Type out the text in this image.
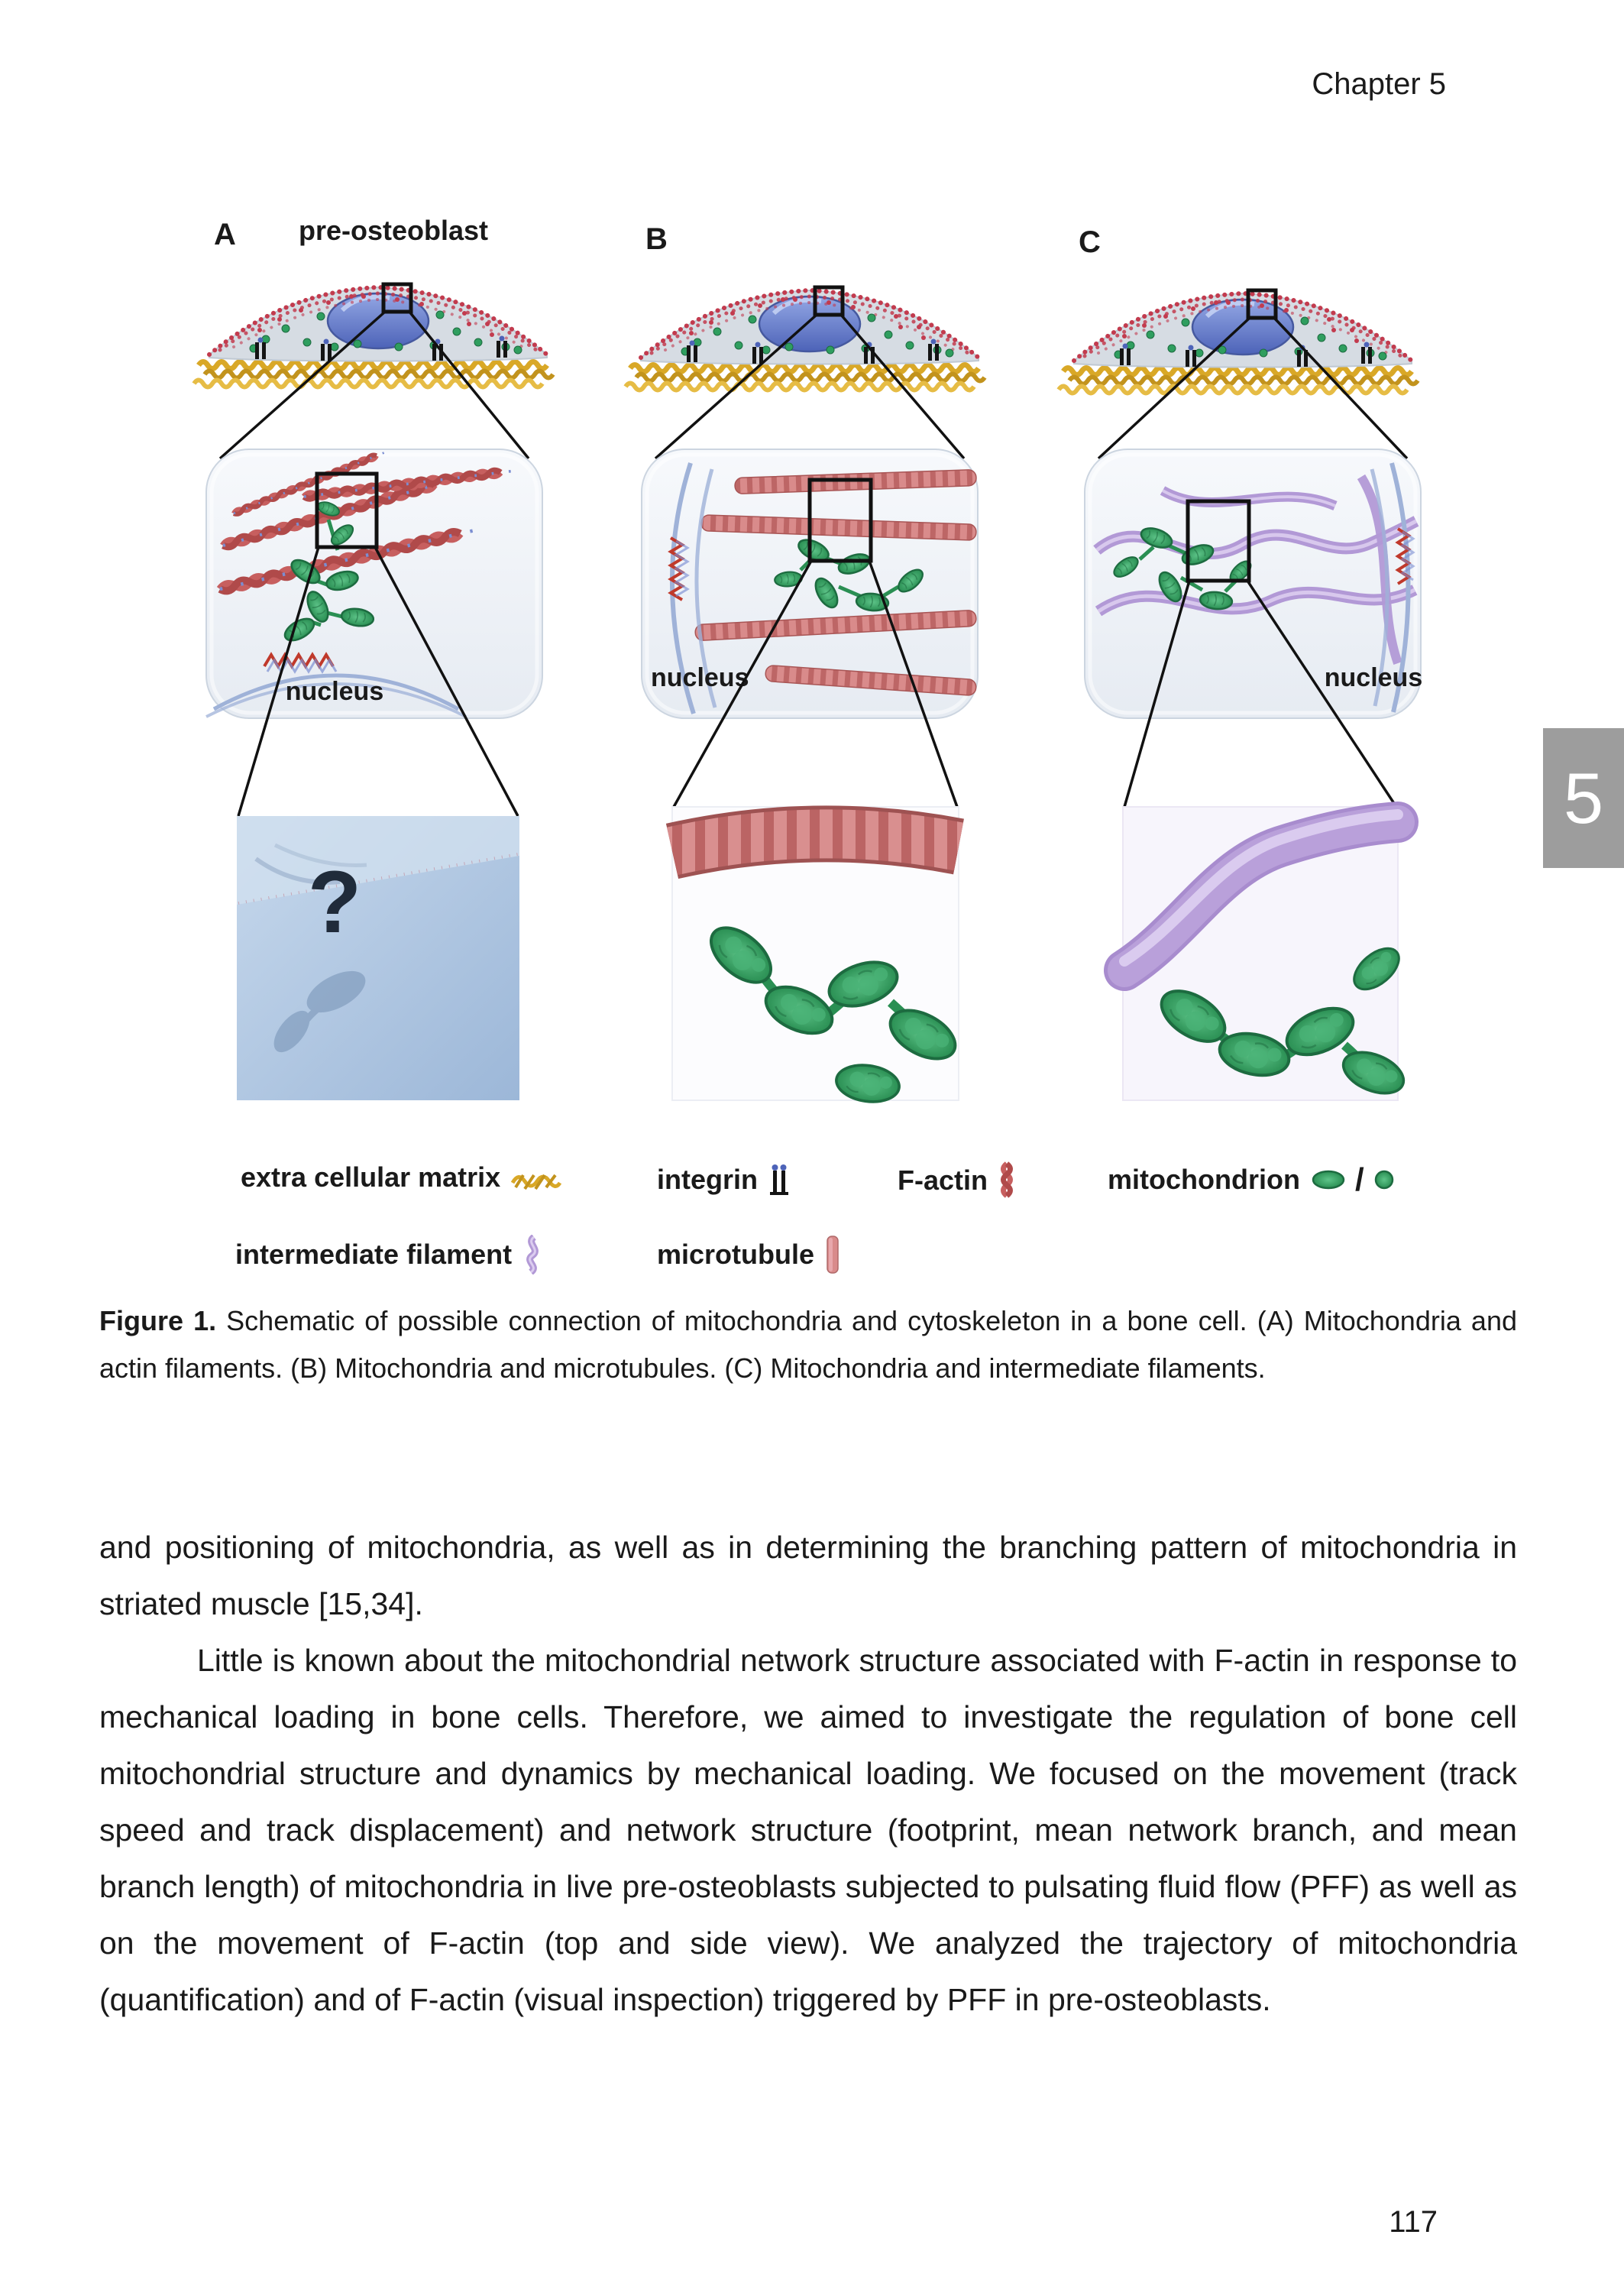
Chapter 5
5
A pre-osteoblast	B	C
nucleus	nucleus	nucleus
?
extra cellular matrix	integrin	F-actin	mitochondrion /
intermediate filament	microtubule

Figure 1. Schematic of possible connection of mitochondria and cytoskeleton in a bone cell. (A) Mitochondria and actin filaments. (B) Mitochondria and microtubules. (C) Mitochondria and intermediate filaments.

and positioning of mitochondria, as well as in determining the branching pattern of mitochondria in striated muscle [15,34].

Little is known about the mitochondrial network structure associated with F-actin in response to mechanical loading in bone cells. Therefore, we aimed to investigate the regulation of bone cell mitochondrial structure and dynamics by mechanical loading. We focused on the movement (track speed and track displacement) and network structure (footprint, mean network branch, and mean branch length) of mitochondria in live pre-osteoblasts subjected to pulsating fluid flow (PFF) as well as on the movement of F-actin (top and side view). We analyzed the trajectory of mitochondria (quantification) and of F-actin (visual inspection) triggered by PFF in pre-osteoblasts.

117
